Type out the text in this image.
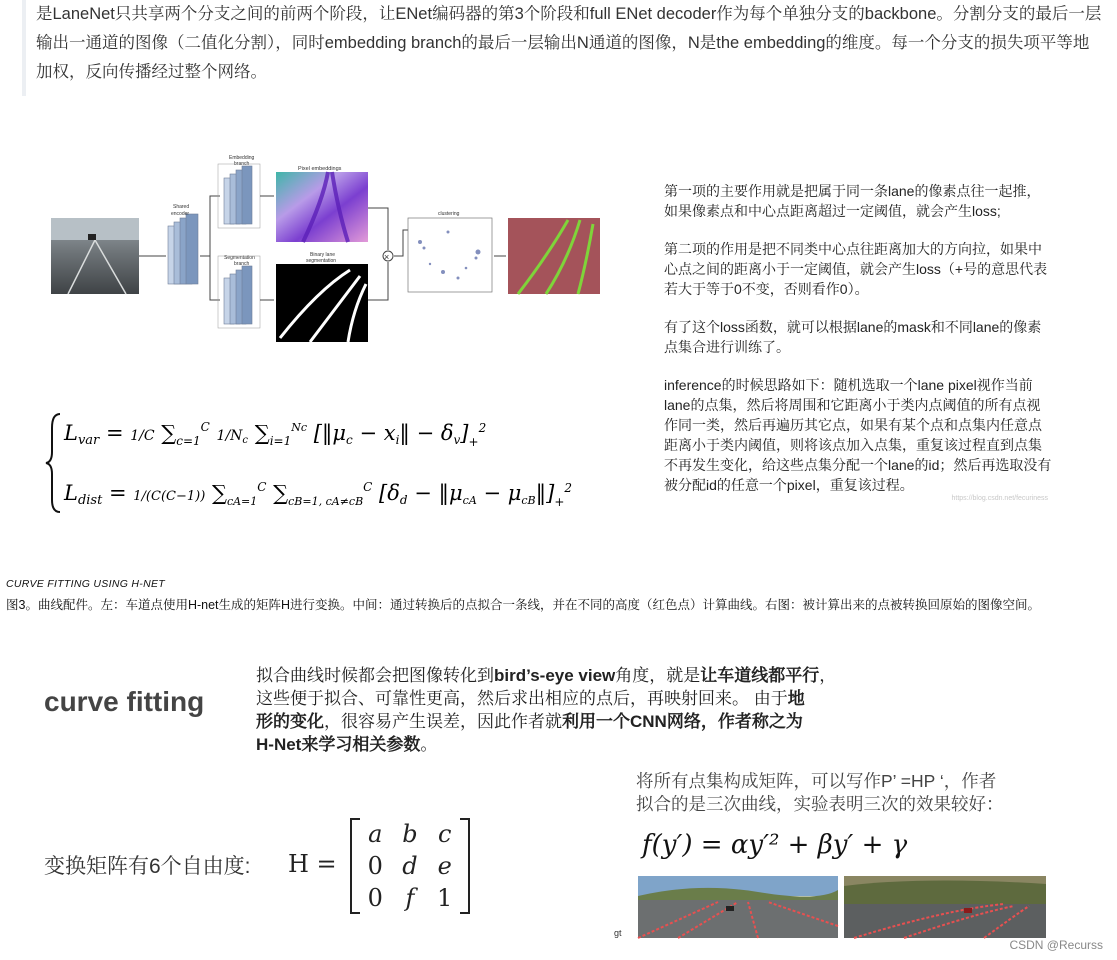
是LaneNet只共享两个分支之间的前两个阶段，让ENet编码器的第3个阶段和full ENet decoder作为每个单独分支的backbone。分割分支的最后一层输出一通道的图像（二值化分割），同时embedding branch的最后一层输出N通道的图像，N是the embedding的维度。每一个分支的损失项平等地加权，反向传播经过整个网络。
Shared
encoder
Embedding
branch
Segmentation
branch
Pixel embeddings
Binary lane
segmentation	×
clustering
Lvar = 1/C $\sum_{c=1}^C$ 1/Nc $\sum_{i=1}^{Nc}$ [‖μc − xi‖ − $\delta v]_+^2$
Ldist = 1/(C(C−1)) $\sum_{cA=1}^C$ $\sum_{cB=1, cA\ne cB}^C$ [δd − ‖μcA − $\mu cB‖]_+^2$
第一项的主要作用就是把属于同一条lane的像素点往一起推，如果像素点和中心点距离超过一定阈值，就会产生loss;
第二项的作用是把不同类中心点往距离加大的方向拉，如果中心点之间的距离小于一定阈值，就会产生loss（+号的意思代表若大于等于0不变，否则看作0）。
有了这个loss函数，就可以根据lane的mask和不同lane的像素点集合进行训练了。
inference的时候思路如下：随机选取一个lane pixel视作当前lane的点集，然后将周围和它距离小于类内点阈值的所有点视作同一类，然后再遍历其它点，如果有某个点和点集内任意点距离小于类内阈值，则将该点加入点集，重复该过程直到点集不再发生变化，给这些点集分配一个lane的id；然后再选取没有被分配id的任意一个pixel，重复该过程。
https://blog.csdn.net/fecuriness
CURVE FITTING USING H-NET
图3。曲线配件。左：车道点使用H-net生成的矩阵H进行变换。中间：通过转换后的点拟合一条线，并在不同的高度（红色点）计算曲线。右图：被计算出来的点被转换回原始的图像空间。
curve fitting
拟合曲线时候都会把图像转化到bird’s-eye view角度，就是让车道线都平行，
这些便于拟合、可靠性更高，然后求出相应的点后，再映射回来。 由于地
形的变化，很容易产生误差，因此作者就利用一个CNN网络，作者称之为
H-Net来学习相关参数。
变换矩阵有6个自由度: H =
a	b	c
0	d	e
0	f	1
将所有点集构成矩阵，可以写作P’ =HP ‘，作者
拟合的是三次曲线，实验表明三次的效果较好：
f(y′) = αy′² + βy′ + γ
gt
CSDN @Recurss
